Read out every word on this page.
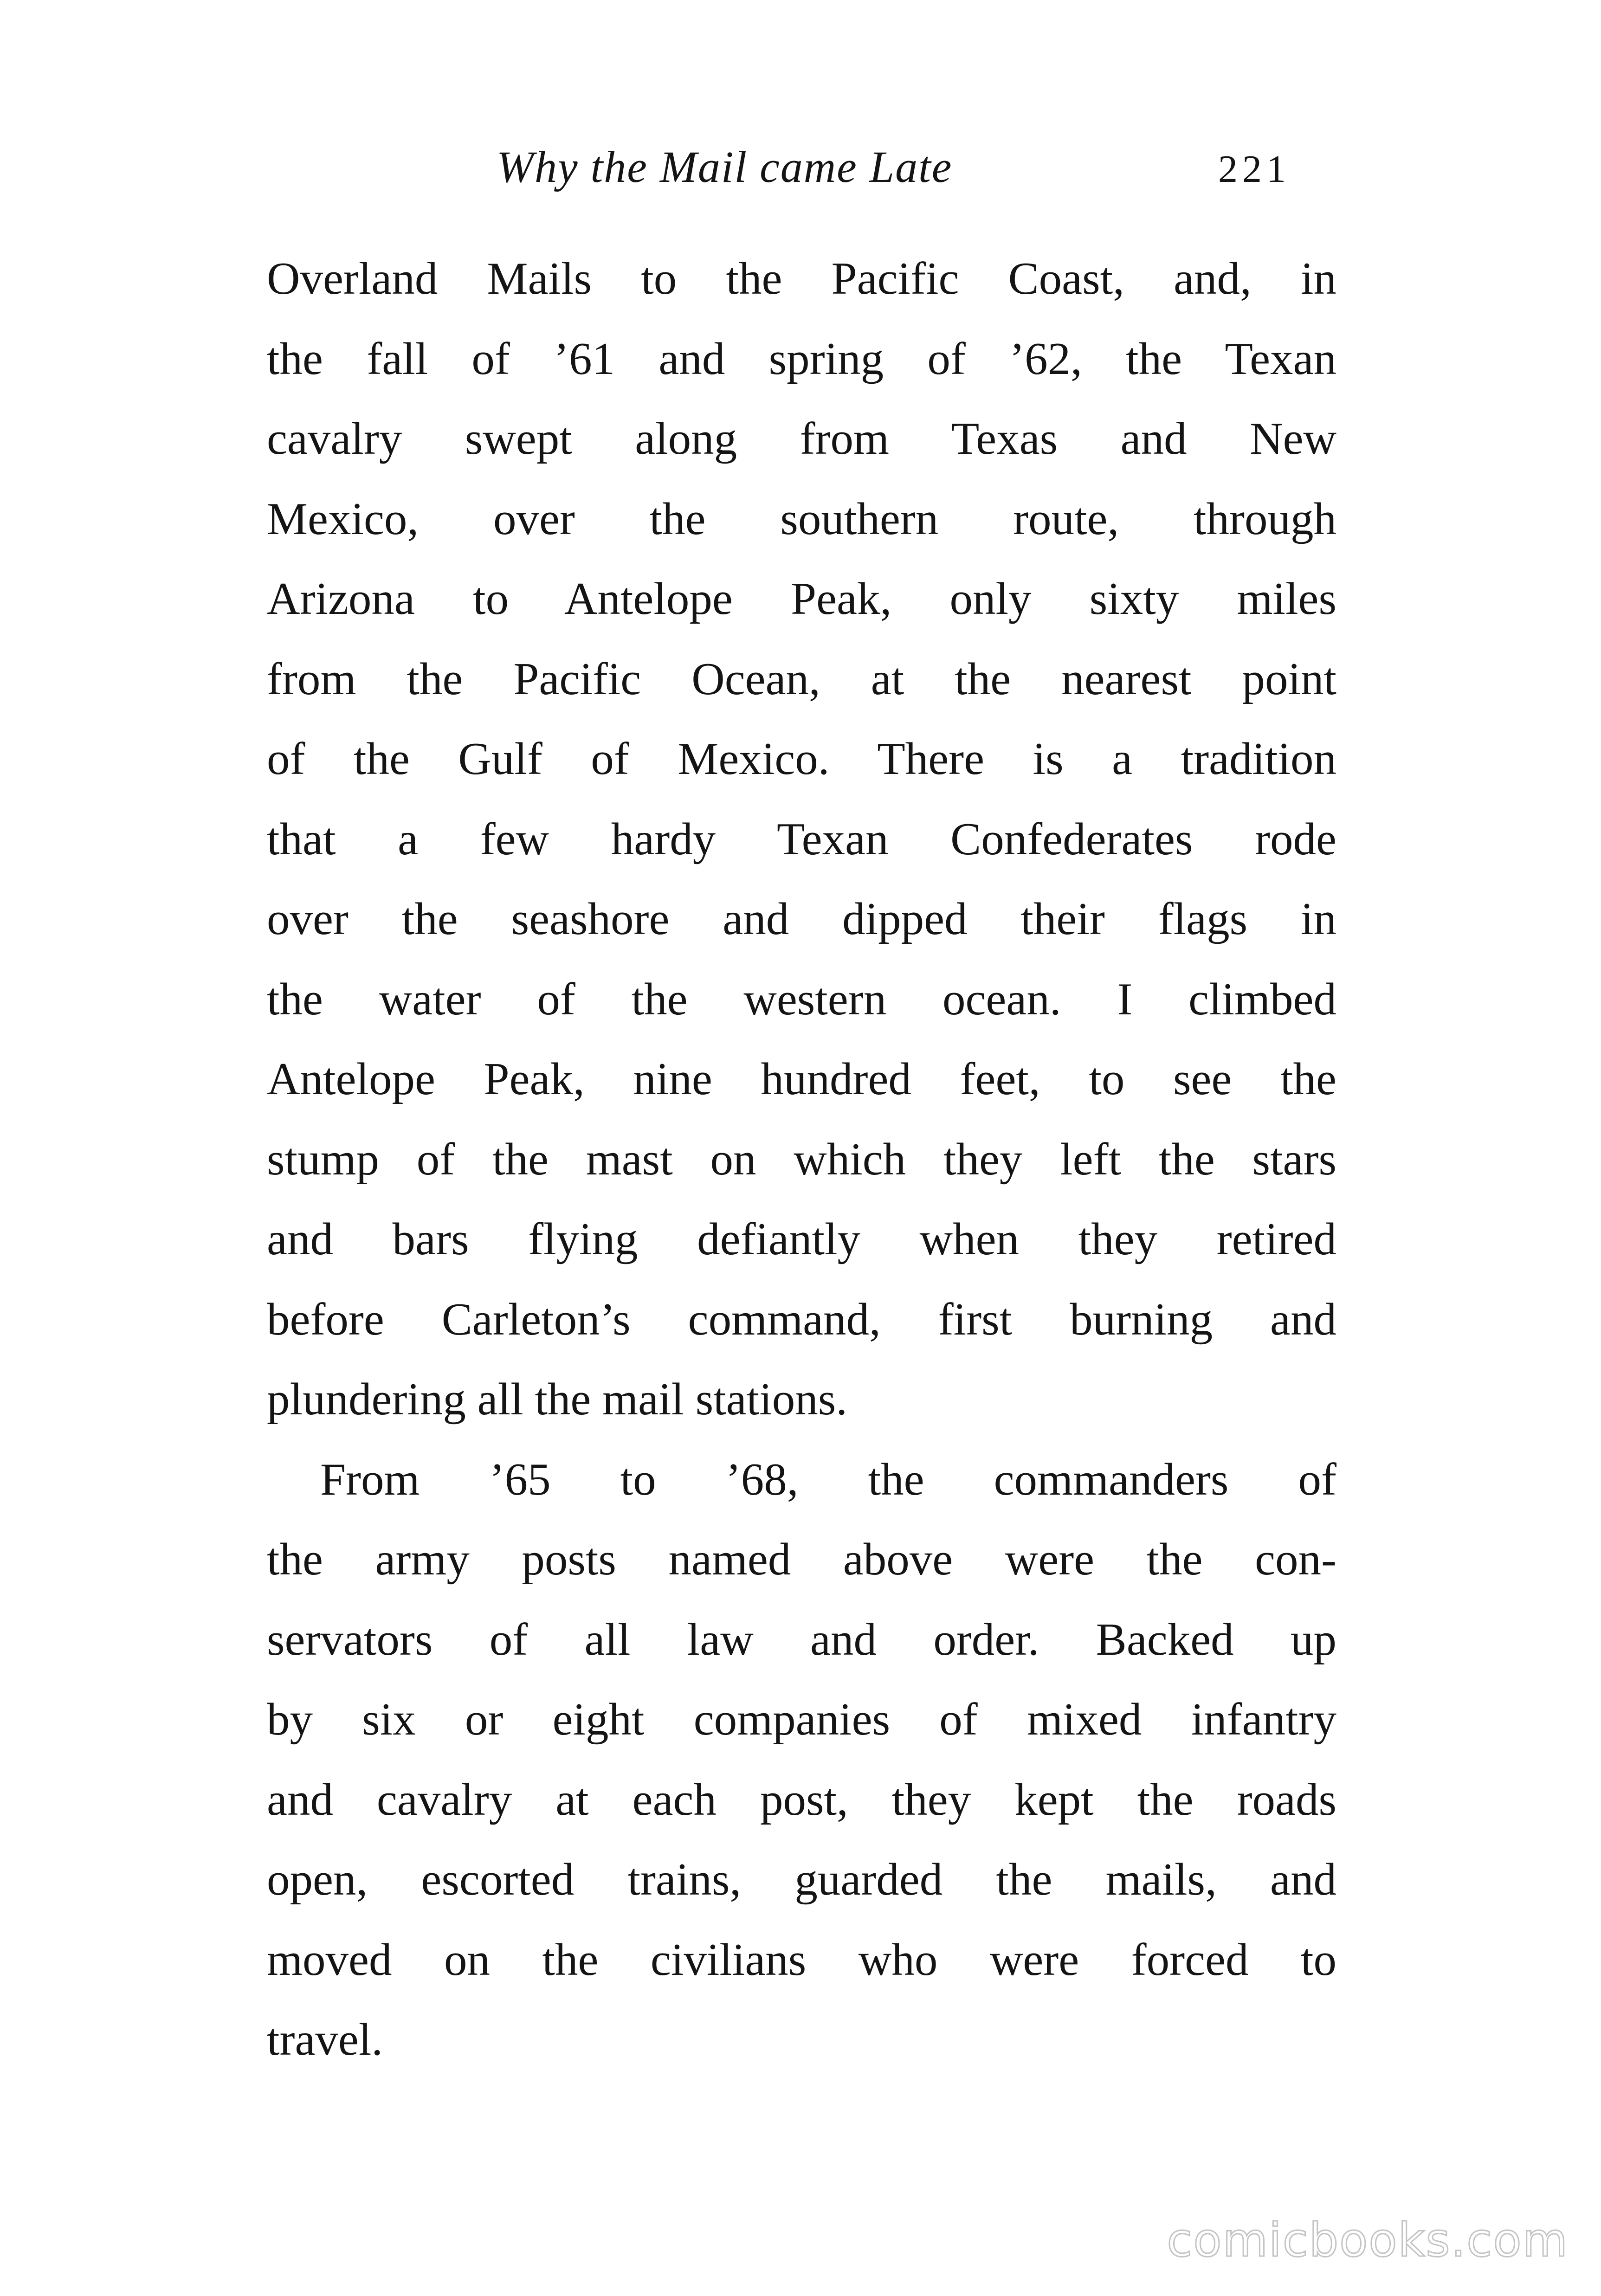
Why the Mail came Late	221
Overland Mails to the Pacific Coast, and, in
the fall of ’61 and spring of ’62, the Texan
cavalry swept along from Texas and New
Mexico, over the southern route, through
Arizona to Antelope Peak, only sixty miles
from the Pacific Ocean, at the nearest point
of the Gulf of Mexico. There is a tradition
that a few hardy Texan Confederates rode
over the seashore and dipped their flags in
the water of the western ocean. I climbed
Antelope Peak, nine hundred feet, to see the
stump of the mast on which they left the stars
and bars flying defiantly when they retired
before Carleton’s command, first burning and
plundering all the mail stations.
From ’65 to ’68, the commanders of
the army posts named above were the con-
servators of all law and order. Backed up
by six or eight companies of mixed infantry
and cavalry at each post, they kept the roads
open, escorted trains, guarded the mails, and
moved on the civilians who were forced to
travel.
comicbooks.com
